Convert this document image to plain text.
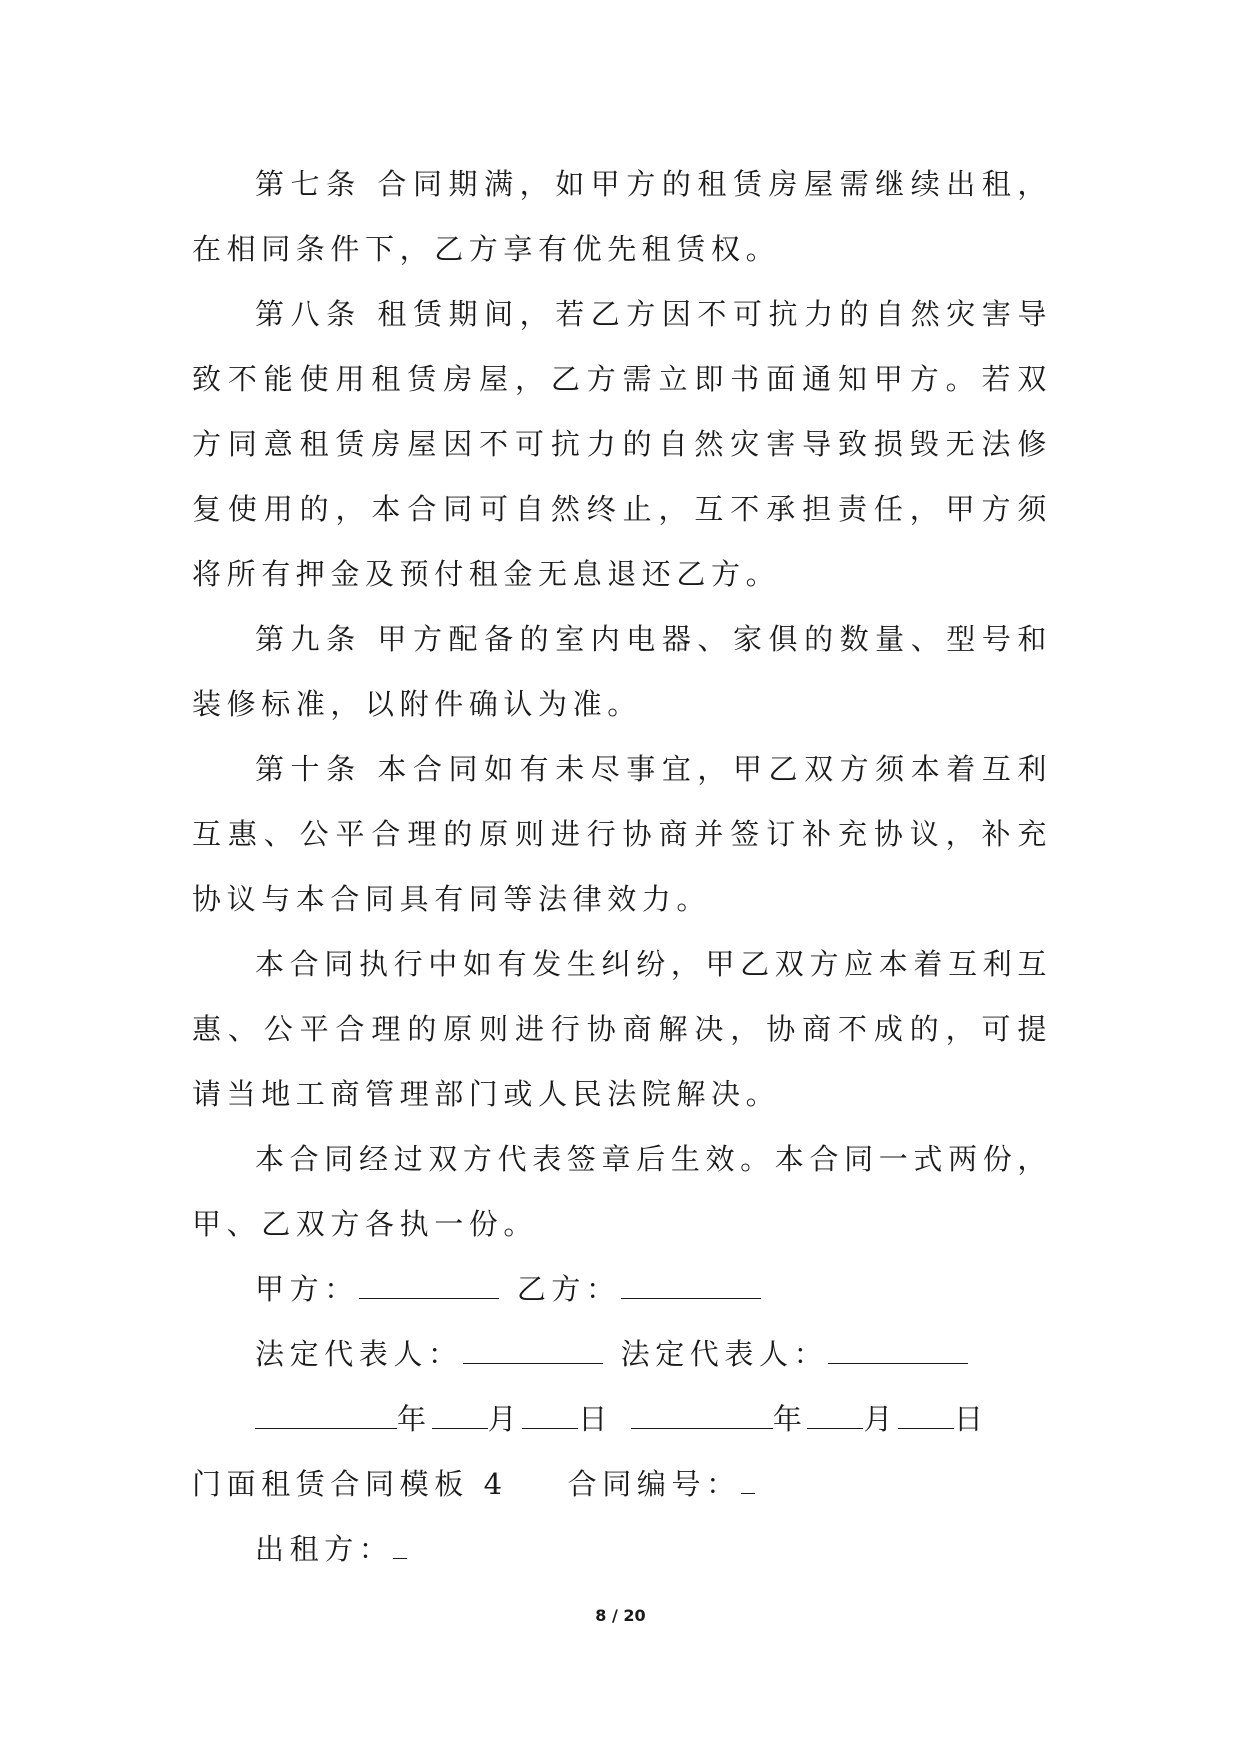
第七条 合同期满，如甲方的租赁房屋需继续出租，在相同条件下，乙方享有优先租赁权。

第八条 租赁期间，若乙方因不可抗力的自然灾害导致不能使用租赁房屋，乙方需立即书面通知甲方。若双方同意租赁房屋因不可抗力的自然灾害导致损毁无法修复使用的，本合同可自然终止，互不承担责任，甲方须将所有押金及预付租金无息退还乙方。

第九条 甲方配备的室内电器、家俱的数量、型号和装修标准，以附件确认为准。

第十条 本合同如有未尽事宜，甲乙双方须本着互利互惠、公平合理的原则进行协商并签订补充协议，补充协议与本合同具有同等法律效力。

本合同执行中如有发生纠纷，甲乙双方应本着互利互惠、公平合理的原则进行协商解决，协商不成的，可提请当地工商管理部门或人民法院解决。

本合同经过双方代表签章后生效。本合同一式两份，甲、乙双方各执一份。

甲方：	乙方：

法定代表人：	法定代表人：

年 月 日	年 月 日

门面租赁合同模板 4 合同编号：

出租方：

8 / 20
